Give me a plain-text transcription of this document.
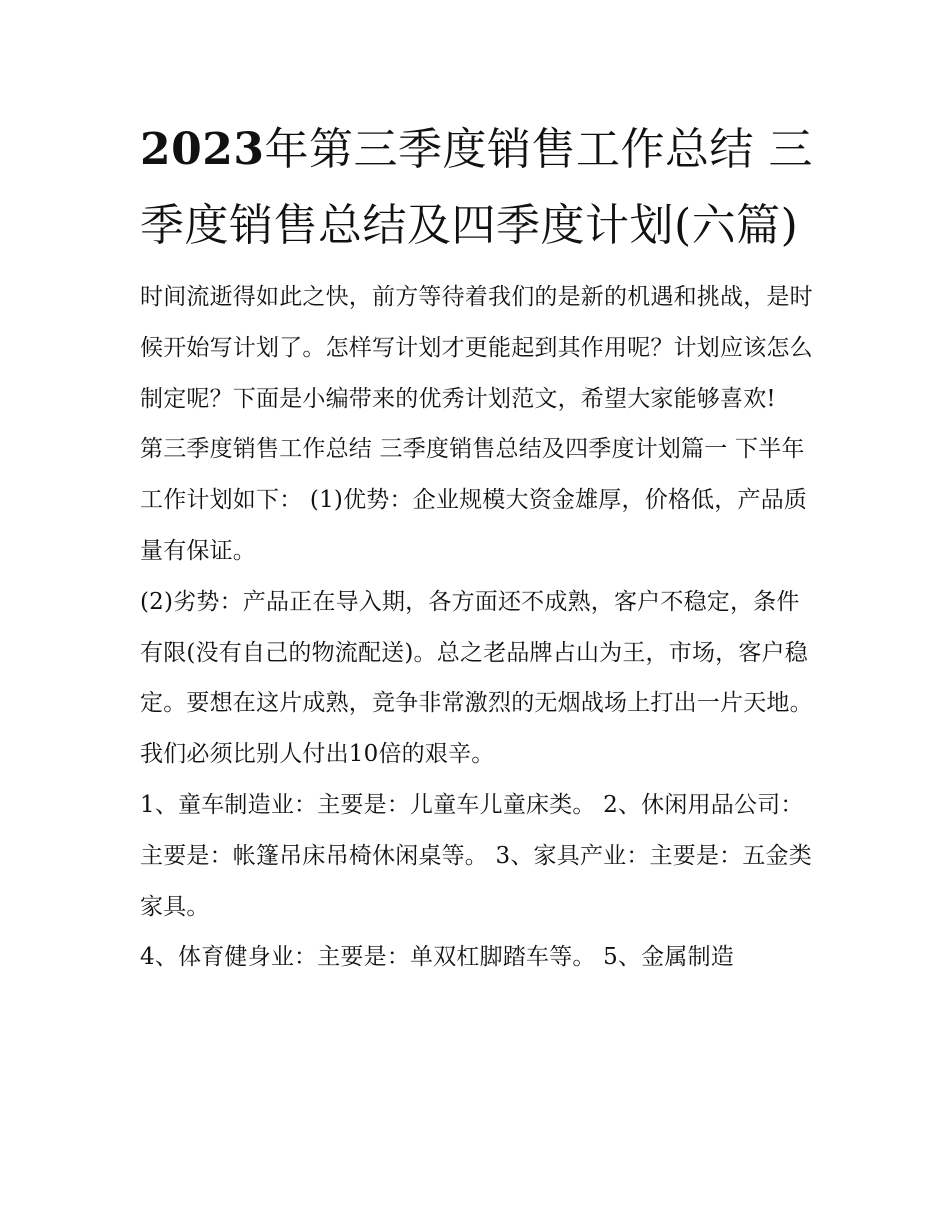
2023年第三季度销售工作总结 三季度销售总结及四季度计划(六篇)

时间流逝得如此之快，前方等待着我们的是新的机遇和挑战，是时候开始写计划了。怎样写计划才更能起到其作用呢？计划应该怎么制定呢？下面是小编带来的优秀计划范文，希望大家能够喜欢!

第三季度销售工作总结 三季度销售总结及四季度计划篇一 下半年工作计划如下： (1)优势：企业规模大资金雄厚，价格低，产品质量有保证。

(2)劣势：产品正在导入期，各方面还不成熟，客户不稳定，条件有限(没有自己的物流配送)。总之老品牌占山为王，市场，客户稳定。要想在这片成熟，竞争非常激烈的无烟战场上打出一片天地。我们必须比别人付出10倍的艰辛。

1、童车制造业：主要是：儿童车儿童床类。 2、休闲用品公司：主要是：帐篷吊床吊椅休闲桌等。 3、家具产业：主要是：五金类家具。

4、体育健身业：主要是：单双杠脚踏车等。 5、金属制造
